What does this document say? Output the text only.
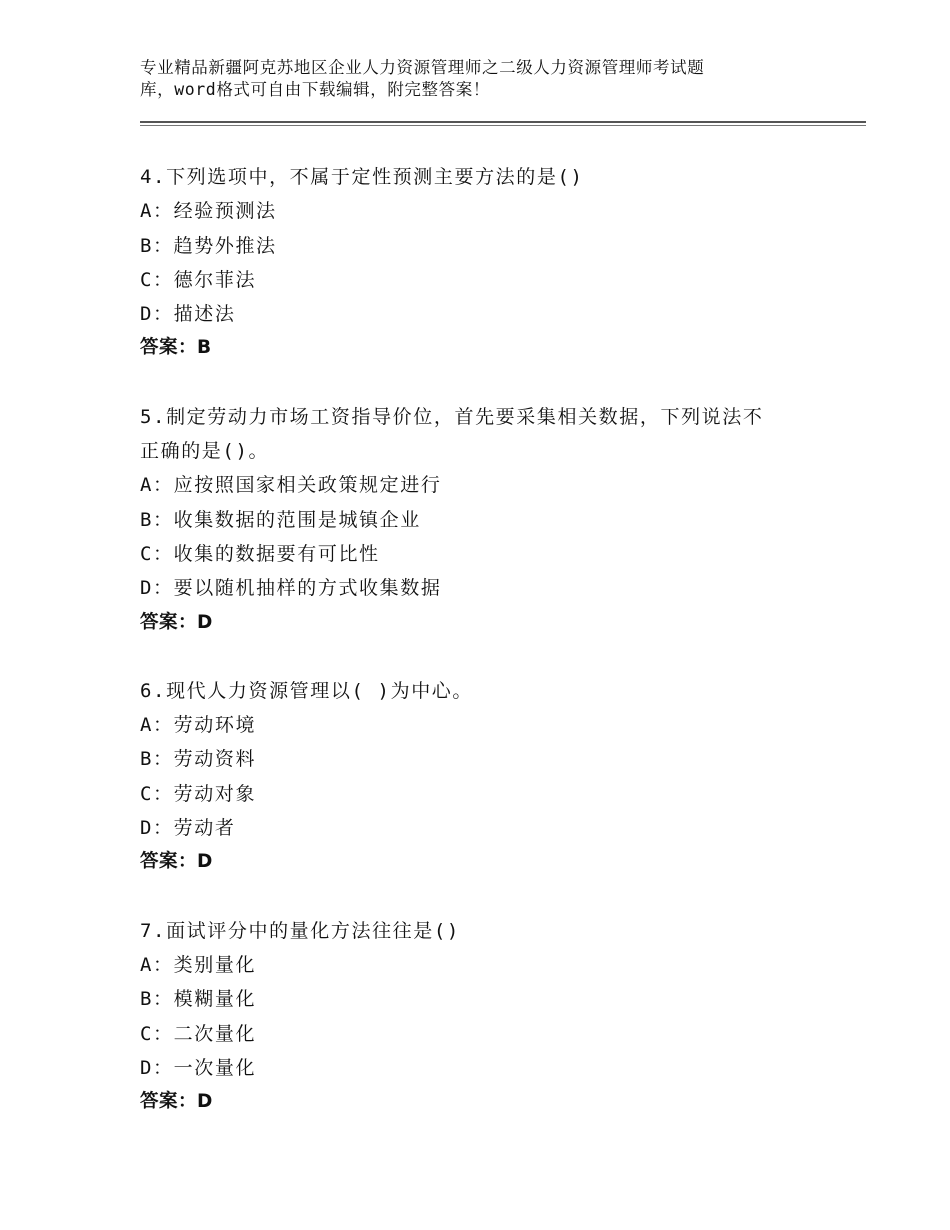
专业精品新疆阿克苏地区企业人力资源管理师之二级人力资源管理师考试题
库，word格式可自由下载编辑，附完整答案！
4.下列选项中，不属于定性预测主要方法的是()
A：经验预测法
B：趋势外推法
C：德尔菲法
D：描述法
答案：B
5.制定劳动力市场工资指导价位，首先要采集相关数据，下列说法不
正确的是()。
A：应按照国家相关政策规定进行
B：收集数据的范围是城镇企业
C：收集的数据要有可比性
D：要以随机抽样的方式收集数据
答案：D
6.现代人力资源管理以( )为中心。
A：劳动环境
B：劳动资料
C：劳动对象
D：劳动者
答案：D
7.面试评分中的量化方法往往是()
A：类别量化
B：模糊量化
C：二次量化
D：一次量化
答案：D
